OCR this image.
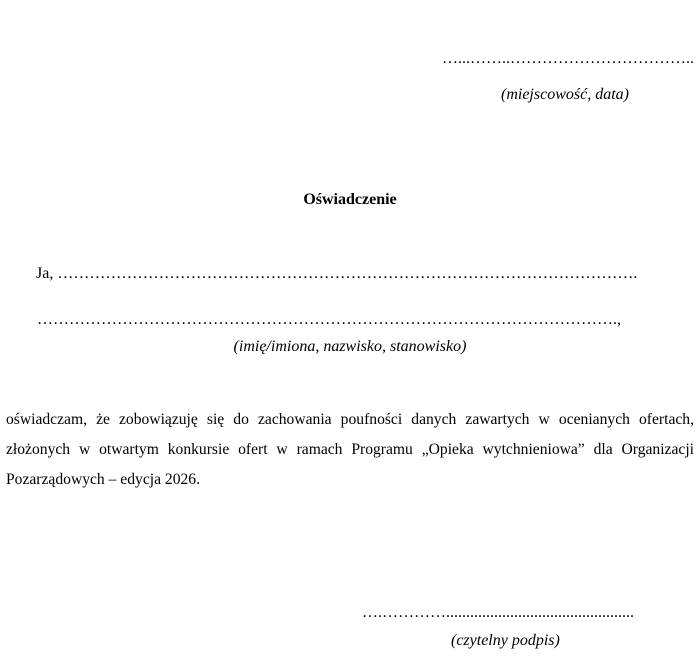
…...……..……………………………..

(miejscowość, data)

Oświadczenie

Ja, ……………………………………………………………………………………………….

……………………………………………………………………………………………….,

(imię/imiona, nazwisko, stanowisko)

oświadczam, że zobowiązuję się do zachowania poufności danych zawartych w ocenianych ofertach,
złożonych w otwartym konkursie ofert w ramach Programu „Opieka wytchnieniowa” dla Organizacji
Pozarządowych – edycja 2026.

….…………...............................................

(czytelny podpis)
